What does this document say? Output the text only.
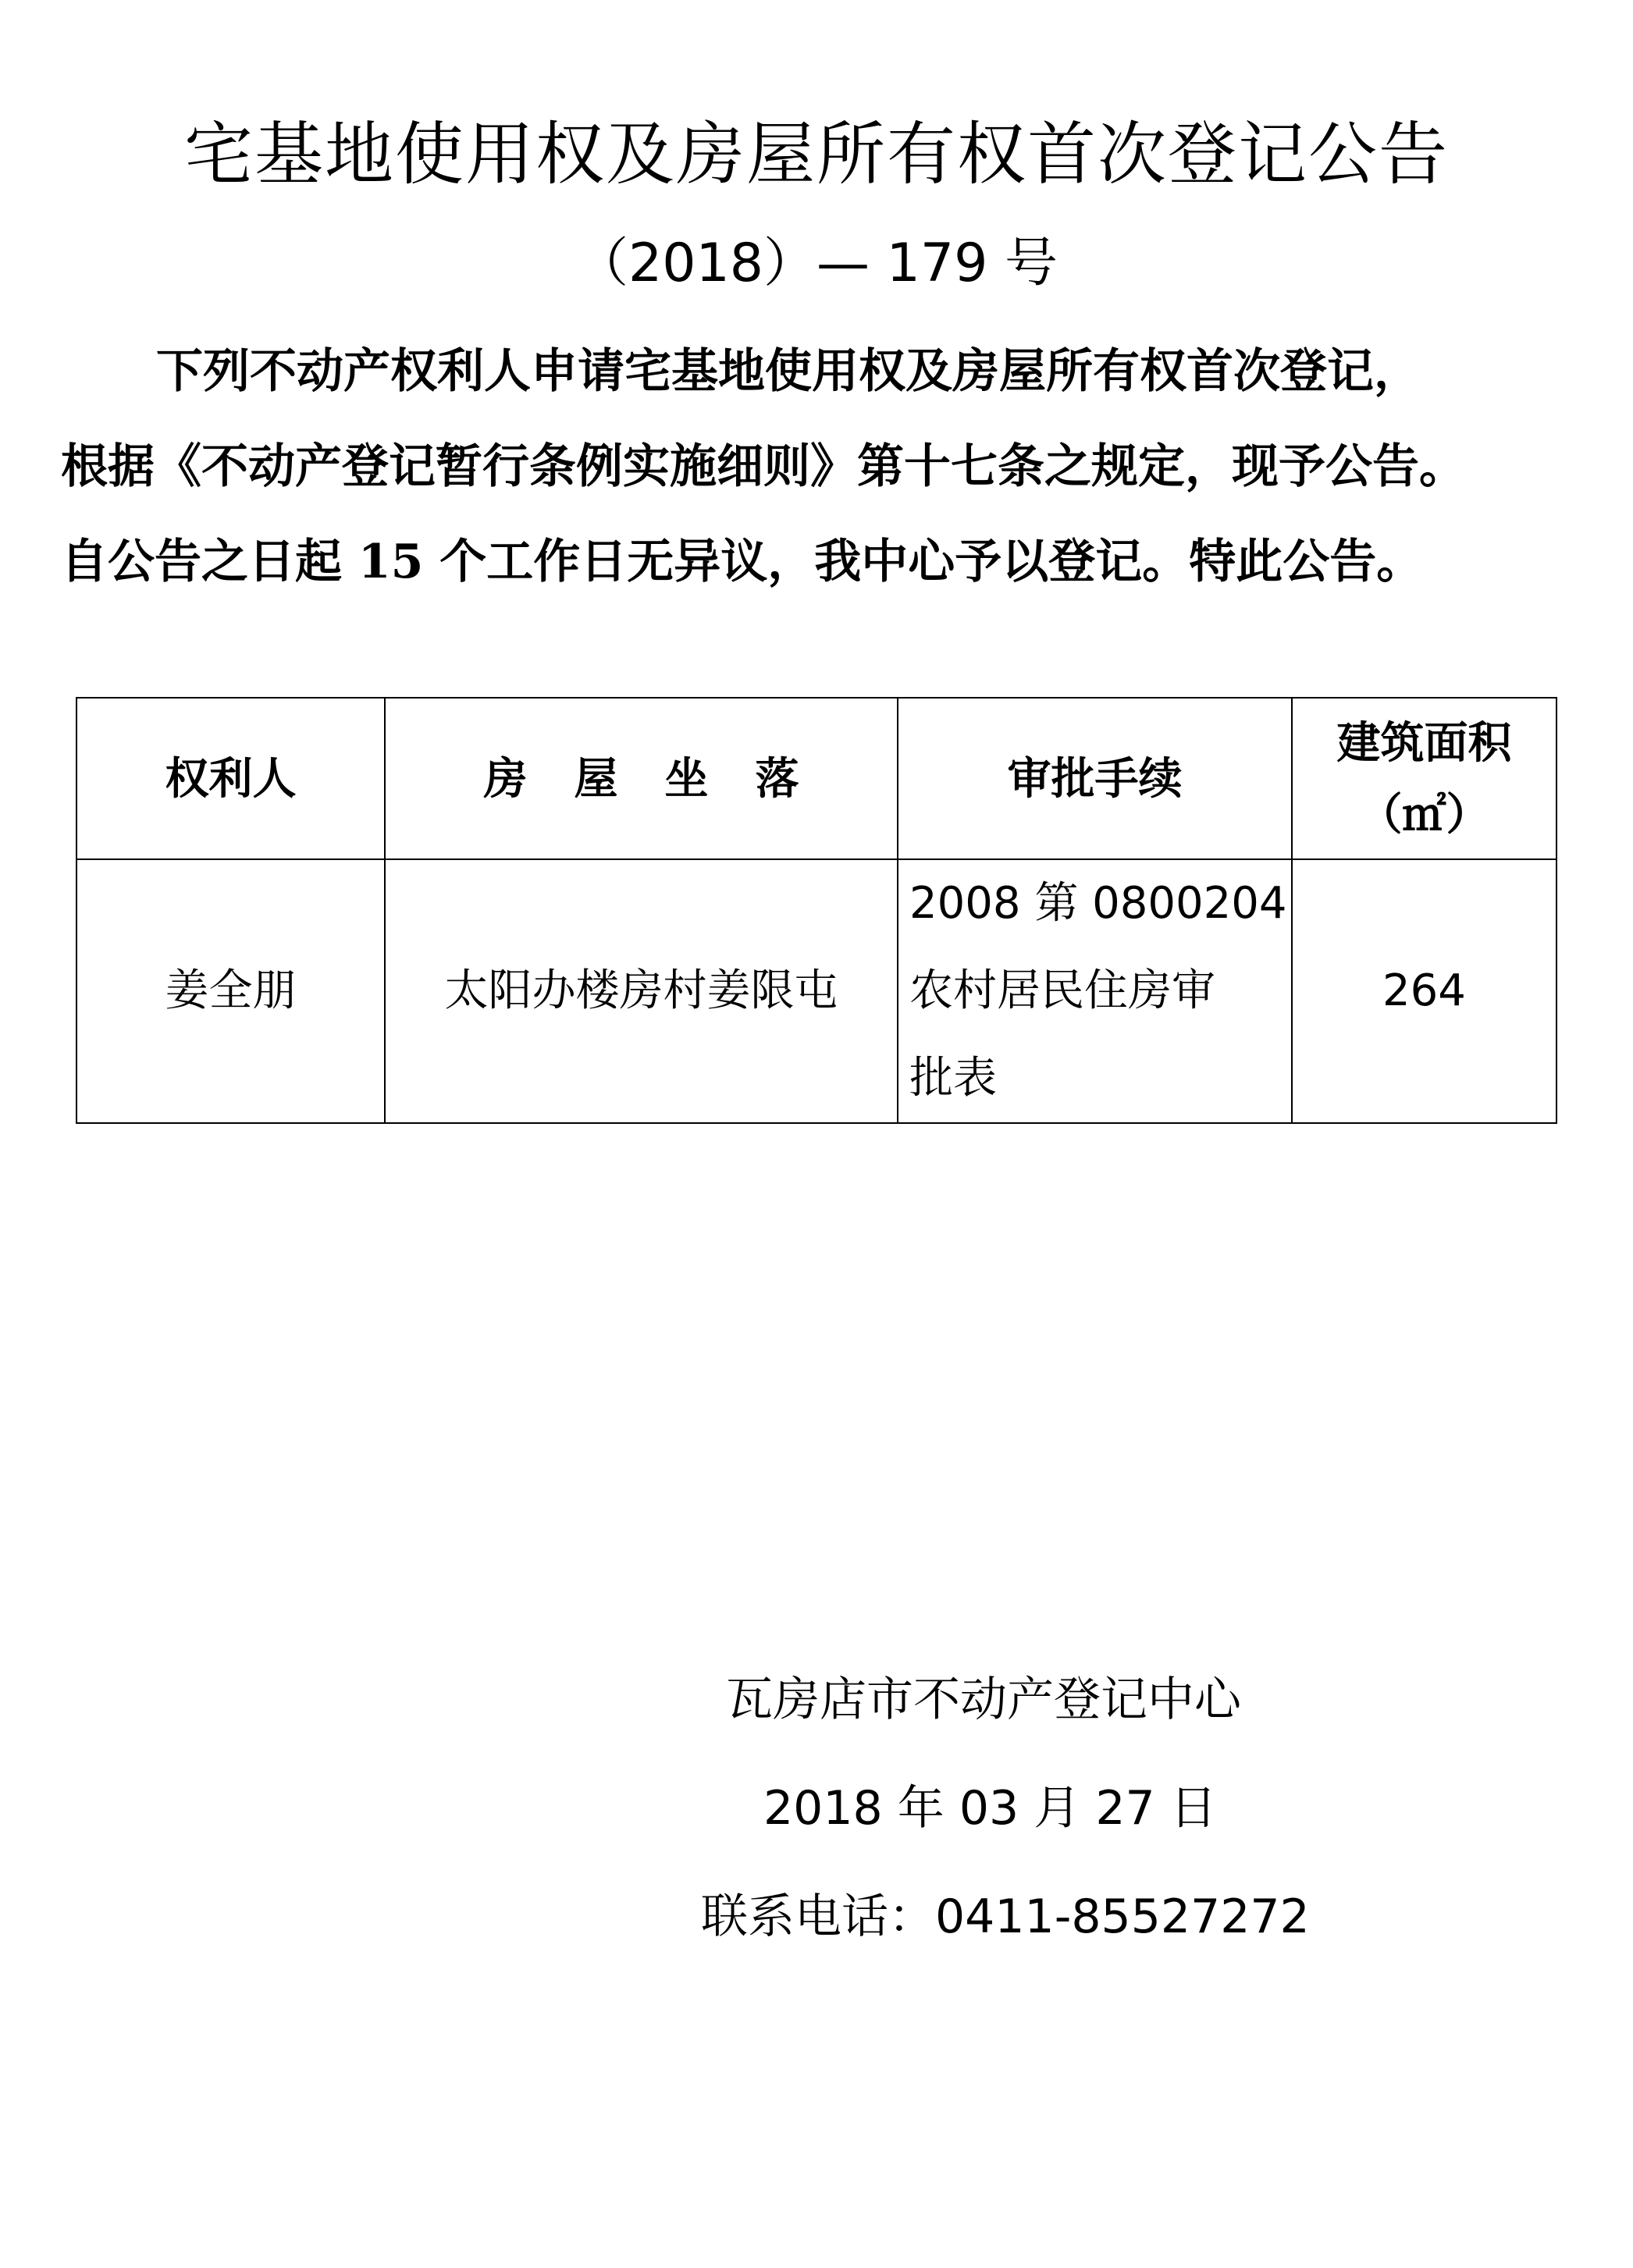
宅基地使用权及房屋所有权首次登记公告
（2018）— 179 号

下列不动产权利人申请宅基地使用权及房屋所有权首次登记，
根据《不动产登记暂行条例实施细则》第十七条之规定，现予公告。
自公告之日起 15 个工作日无异议，我中心予以登记。特此公告。

权利人	房屋坐落	审批手续	建筑面积
（㎡）

姜全朋	太阳办楼房村姜限屯	2008 第 0800204
农村居民住房审
批表	264
瓦房店市不动产登记中心
2018 年 03 月 27 日
联系电话：0411-85527272
